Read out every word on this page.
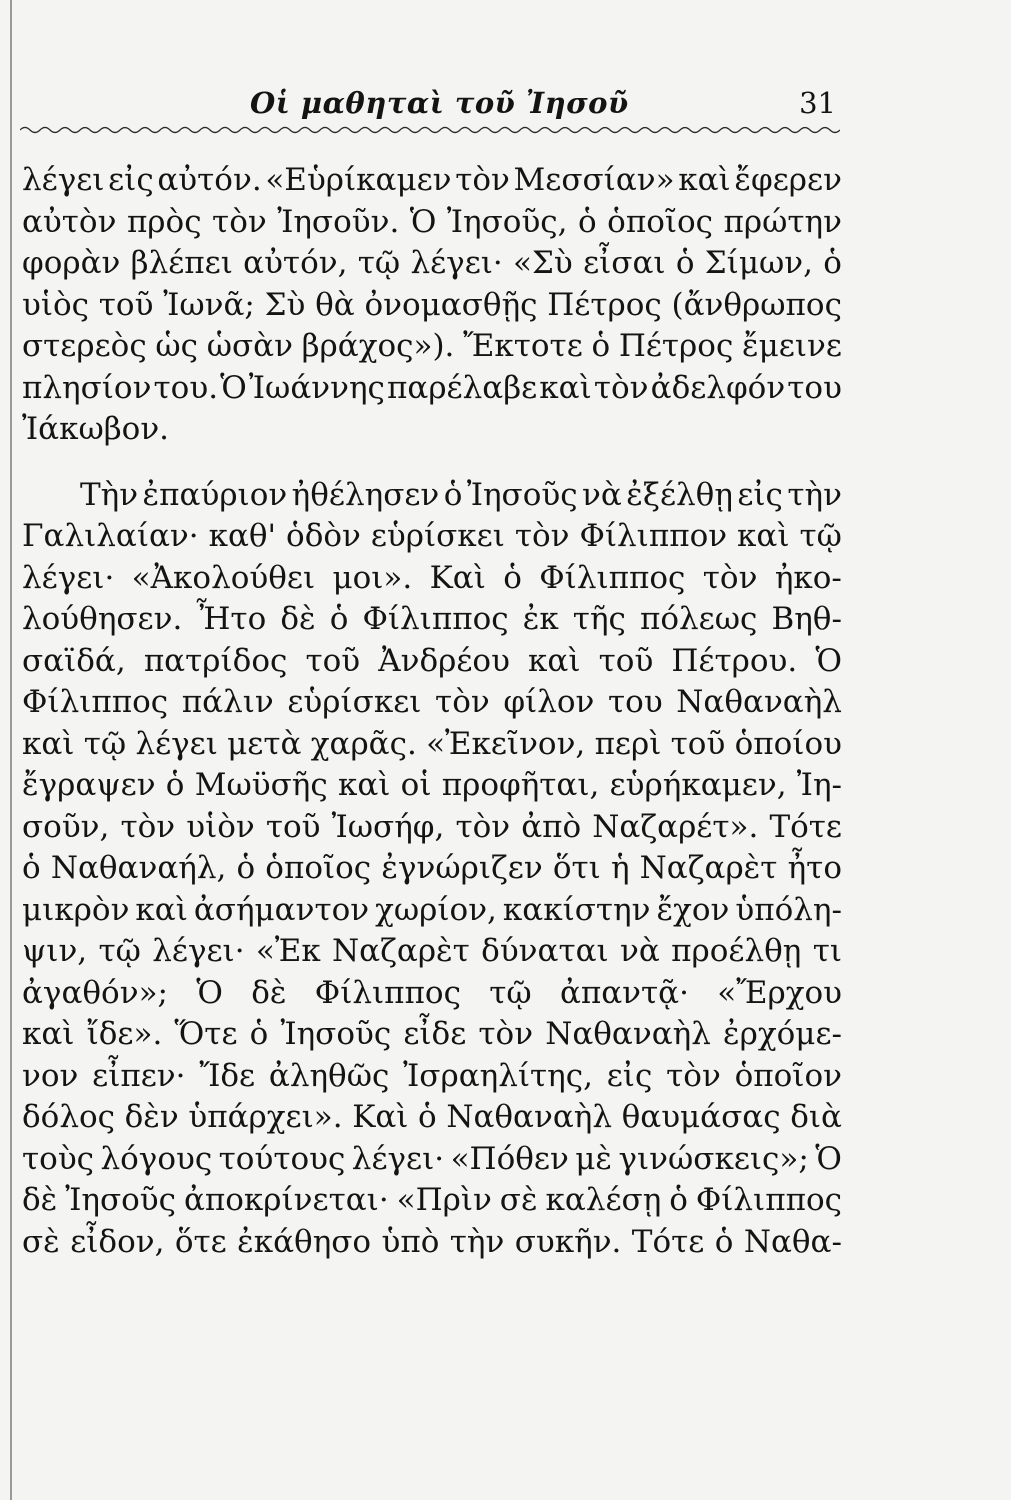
Οἱ μαθηταὶ τοῦ Ἰησοῦ	31
λέγει εἰς αὐτόν. «Εὑρίκαμεν τὸν Μεσσίαν» καὶ ἔφερεν
αὐτὸν πρὸς τὸν Ἰησοῦν. Ὁ Ἰησοῦς, ὁ ὁποῖος πρώτην
φορὰν βλέπει αὐτόν, τῷ λέγει· «Σὺ εἶσαι ὁ Σίμων, ὁ
υἱὸς τοῦ Ἰωνᾶ; Σὺ θὰ ὀνομασθῇς Πέτρος (ἄνθρωπος
στερεὸς ὡς ὡσὰν βράχος»). Ἔκτοτε ὁ Πέτρος ἔμεινε
πλησίον του. Ὁ Ἰωάννης παρέλαβε καὶ τὸν ἀδελφόν του
Ἰάκωβον.
Τὴν ἐπαύριον ἠθέλησεν ὁ Ἰησοῦς νὰ ἐξέλθῃ εἰς τὴν
Γαλιλαίαν· καθ' ὁδὸν εὑρίσκει τὸν Φίλιππον καὶ τῷ
λέγει· «Ἀκολούθει μοι». Καὶ ὁ Φίλιππος τὸν ἠκο-
λούθησεν. Ἦτο δὲ ὁ Φίλιππος ἐκ τῆς πόλεως Βηθ-
σαϊδά, πατρίδος τοῦ Ἀνδρέου καὶ τοῦ Πέτρου. Ὁ
Φίλιππος πάλιν εὑρίσκει τὸν φίλον του Ναθαναὴλ
καὶ τῷ λέγει μετὰ χαρᾶς. «Ἐκεῖνον, περὶ τοῦ ὁποίου
ἔγραψεν ὁ Μωϋσῆς καὶ οἱ προφῆται, εὑρήκαμεν, Ἰη-
σοῦν, τὸν υἱὸν τοῦ Ἰωσήφ, τὸν ἀπὸ Ναζαρέτ». Τότε
ὁ Ναθαναήλ, ὁ ὁποῖος ἐγνώριζεν ὅτι ἡ Ναζαρὲτ ἦτο
μικρὸν καὶ ἀσήμαντον χωρίον, κακίστην ἔχον ὑπόλη-
ψιν, τῷ λέγει· «Ἐκ Ναζαρὲτ δύναται νὰ προέλθῃ τι
ἀγαθόν»; Ὁ δὲ Φίλιππος τῷ ἀπαντᾷ· «Ἔρχου
καὶ ἴδε». Ὅτε ὁ Ἰησοῦς εἶδε τὸν Ναθαναὴλ ἐρχόμε-
νον εἶπεν· Ἴδε ἀληθῶς Ἰσραηλίτης, εἰς τὸν ὁποῖον
δόλος δὲν ὑπάρχει». Καὶ ὁ Ναθαναὴλ θαυμάσας διὰ
τοὺς λόγους τούτους λέγει· «Πόθεν μὲ γινώσκεις»; Ὁ
δὲ Ἰησοῦς ἀποκρίνεται· «Πρὶν σὲ καλέσῃ ὁ Φίλιππος
σὲ εἶδον, ὅτε ἐκάθησο ὑπὸ τὴν συκῆν. Τότε ὁ Ναθα-
